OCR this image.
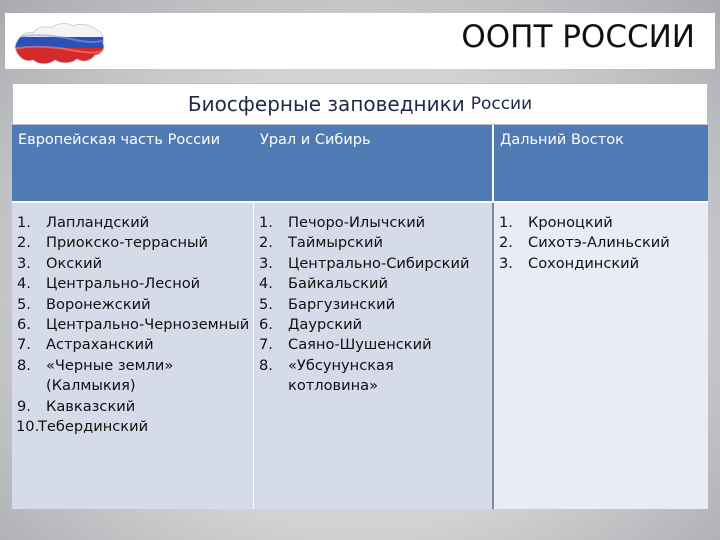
ООПТ РОССИИ
Биосферные заповедники России
Европейская часть России	Урал и Сибирь	Дальний Восток
1. Лапландский
2. Приокско-террасный
3. Окский
4. Центрально-Лесной
5. Воронежский
6. Центрально-Черноземный
7. Астраханский
8. «Черные земли» (Калмыкия)
9. Кавказский
10.
Тебердинский
1. Печоро-Илычский
2. Таймырский
3. Центрально-Сибирский
4. Байкальский
5. Баргузинский
6. Даурский
7. Саяно-Шушенский
8. «Убсунунская котловина»
1. Кроноцкий
2. Сихотэ-Алиньский
3. Сохондинский
